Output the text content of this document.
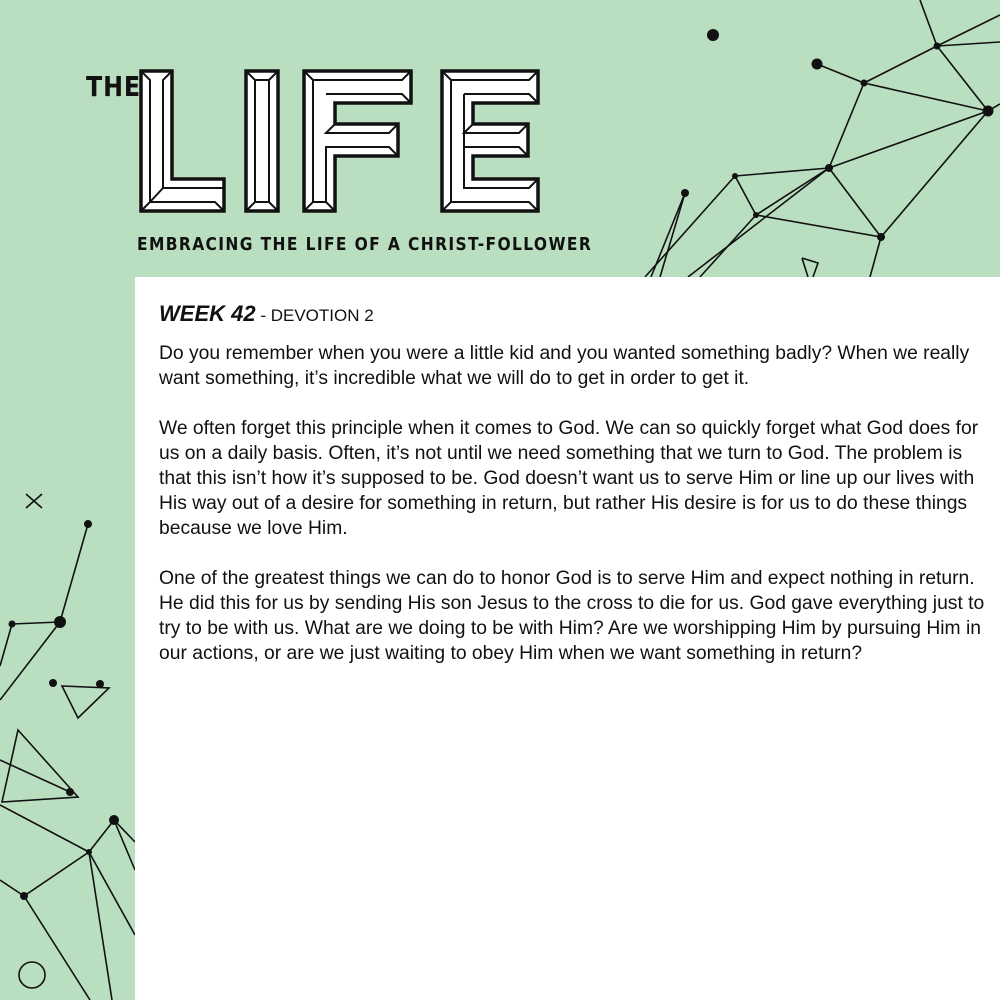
THE
EMBRACING THE LIFE OF A CHRIST-FOLLOWER
WEEK 42 - DEVOTION 2

Do you remember when you were a little kid and you wanted something badly? When we really want something, it’s incredible what we will do to get in order to get it.

We often forget this principle when it comes to God. We can so quickly forget what God does for us on a daily basis. Often, it’s not until we need something that we turn to God. The problem is that this isn’t how it’s supposed to be. God doesn’t want us to serve Him or line up our lives with His way out of a desire for something in return, but rather His desire is for us to do these things because we love Him.

One of the greatest things we can do to honor God is to serve Him and expect nothing in return. He did this for us by sending His son Jesus to the cross to die for us. God gave everything just to try to be with us. What are we doing to be with Him? Are we worshipping Him by pursuing Him in our actions, or are we just waiting to obey Him when we want something in return?
